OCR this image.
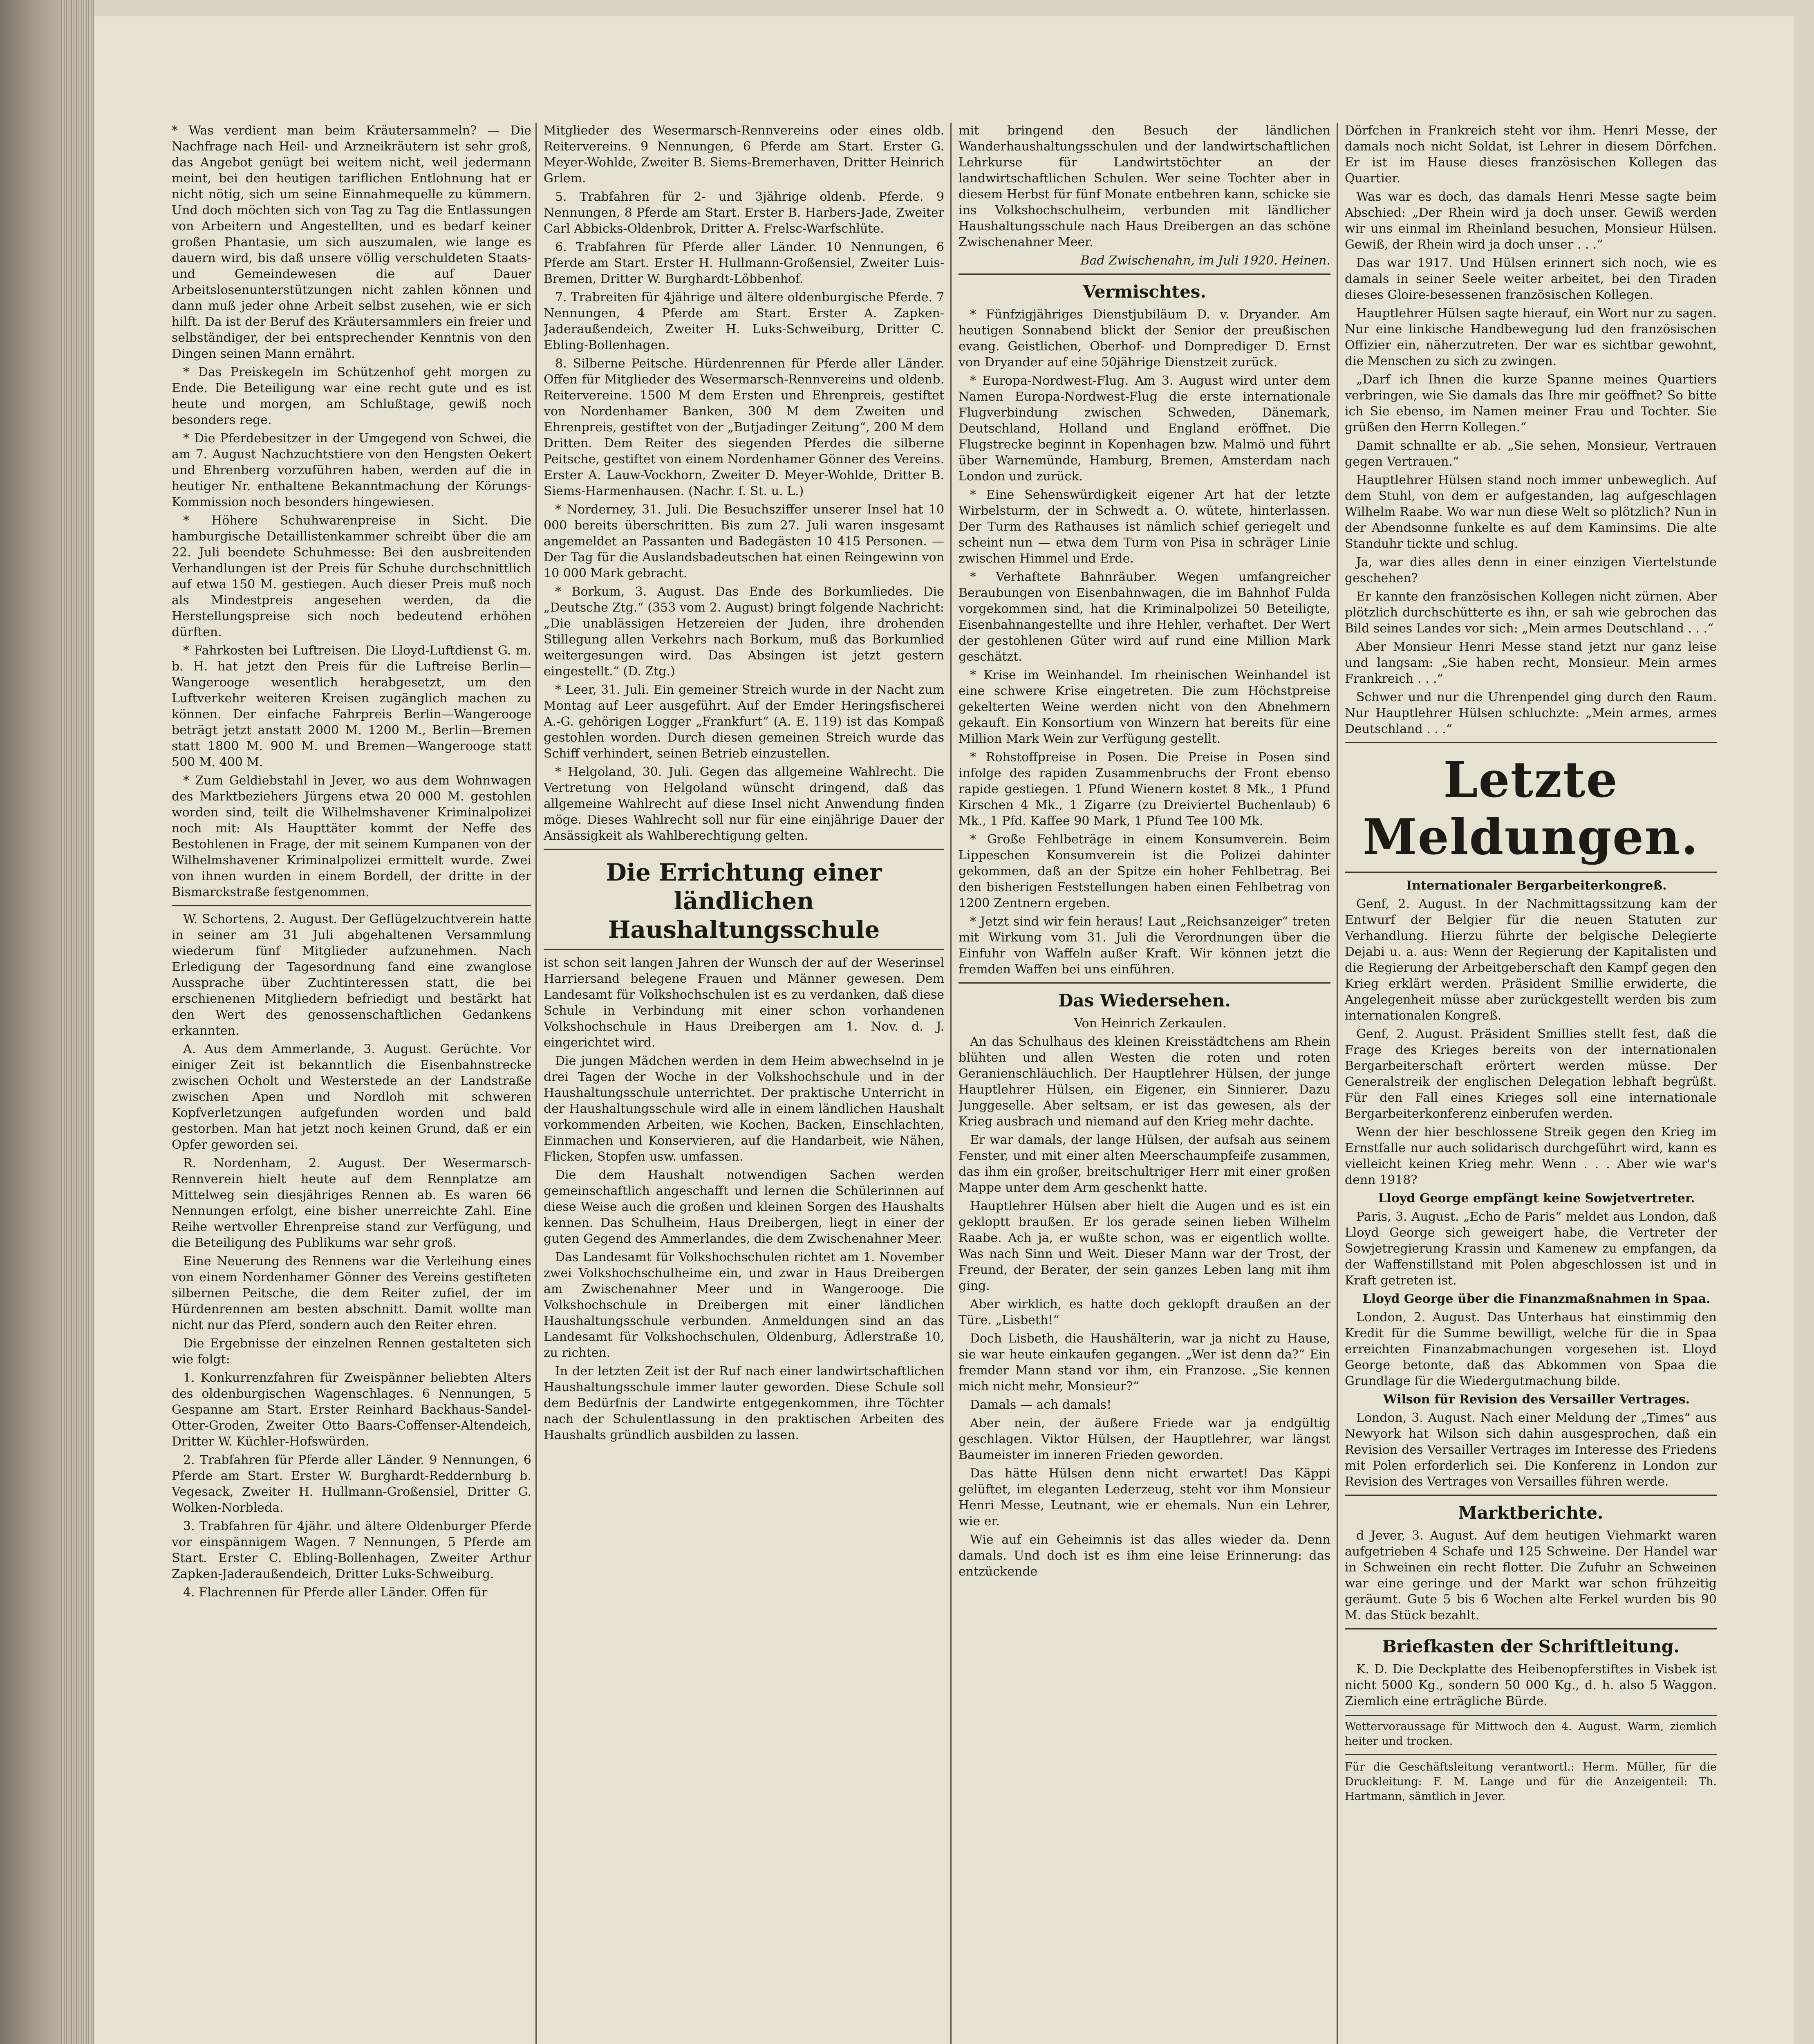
* Was verdient man beim Kräutersammeln? — Die Nachfrage nach Heil- und Arzneikräutern ist sehr groß, das Angebot genügt bei weitem nicht, weil jedermann meint, bei den heutigen tariflichen Entlohnung hat er nicht nötig, sich um seine Einnahmequelle zu kümmern. Und doch möchten sich von Tag zu Tag die Entlassungen von Arbeitern und Angestellten, und es bedarf keiner großen Phantasie, um sich auszumalen, wie lange es dauern wird, bis daß unsere völlig verschuldeten Staats- und Gemeindewesen die auf Dauer Arbeitslosenunterstützungen nicht zahlen können und dann muß jeder ohne Arbeit selbst zusehen, wie er sich hilft. Da ist der Beruf des Kräutersammlers ein freier und selbständiger, der bei entsprechender Kenntnis von den Dingen seinen Mann ernährt.

* Das Preiskegeln im Schützenhof geht morgen zu Ende. Die Beteiligung war eine recht gute und es ist heute und morgen, am Schlußtage, gewiß noch besonders rege.

* Die Pferdebesitzer in der Umgegend von Schwei, die am 7. August Nachzuchtstiere von den Hengsten Oekert und Ehrenberg vorzuführen haben, werden auf die in heutiger Nr. enthaltene Bekanntmachung der Körungs-Kommission noch besonders hingewiesen.

* Höhere Schuhwarenpreise in Sicht. Die hamburgische Detaillistenkammer schreibt über die am 22. Juli beendete Schuhmesse: Bei den ausbreitenden Verhandlungen ist der Preis für Schuhe durchschnittlich auf etwa 150 M. gestiegen. Auch dieser Preis muß noch als Mindestpreis angesehen werden, da die Herstellungspreise sich noch bedeutend erhöhen dürften.

* Fahrkosten bei Luftreisen. Die Lloyd-Luftdienst G. m. b. H. hat jetzt den Preis für die Luftreise Berlin—Wangerooge wesentlich herabgesetzt, um den Luftverkehr weiteren Kreisen zugänglich machen zu können. Der einfache Fahrpreis Berlin—Wangerooge beträgt jetzt anstatt 2000 M. 1200 M., Berlin—Bremen statt 1800 M. 900 M. und Bremen—Wangerooge statt 500 M. 400 M.

* Zum Geldiebstahl in Jever, wo aus dem Wohnwagen des Marktbeziehers Jürgens etwa 20 000 M. gestohlen worden sind, teilt die Wilhelmshavener Kriminalpolizei noch mit: Als Haupttäter kommt der Neffe des Bestohlenen in Frage, der mit seinem Kumpanen von der Wilhelmshavener Kriminalpolizei ermittelt wurde. Zwei von ihnen wurden in einem Bordell, der dritte in der Bismarckstraße festgenommen.

W. Schortens, 2. August. Der Geflügelzuchtverein hatte in seiner am 31 Juli abgehaltenen Versammlung wiederum fünf Mitglieder aufzunehmen. Nach Erledigung der Tagesordnung fand eine zwanglose Aussprache über Zuchtinteressen statt, die bei erschienenen Mitgliedern befriedigt und bestärkt hat den Wert des genossenschaftlichen Gedankens erkannten.

A. Aus dem Ammerlande, 3. August. Gerüchte. Vor einiger Zeit ist bekanntlich die Eisenbahnstrecke zwischen Ocholt und Westerstede an der Landstraße zwischen Apen und Nordloh mit schweren Kopfverletzungen aufgefunden worden und bald gestorben. Man hat jetzt noch keinen Grund, daß er ein Opfer geworden sei.

R. Nordenham, 2. August. Der Wesermarsch-Rennverein hielt heute auf dem Rennplatze am Mittelweg sein diesjähriges Rennen ab. Es waren 66 Nennungen erfolgt, eine bisher unerreichte Zahl. Eine Reihe wertvoller Ehrenpreise stand zur Verfügung, und die Beteiligung des Publikums war sehr groß.

Eine Neuerung des Rennens war die Verleihung eines von einem Nordenhamer Gönner des Vereins gestifteten silbernen Peitsche, die dem Reiter zufiel, der im Hürdenrennen am besten abschnitt. Damit wollte man nicht nur das Pferd, sondern auch den Reiter ehren.

Die Ergebnisse der einzelnen Rennen gestalteten sich wie folgt:

1. Konkurrenzfahren für Zweispänner beliebten Alters des oldenburgischen Wagenschlages. 6 Nennungen, 5 Gespanne am Start. Erster Reinhard Backhaus-Sandel-Otter-Groden, Zweiter Otto Baars-Coffenser-Altendeich, Dritter W. Küchler-Hofswürden.

2. Trabfahren für Pferde aller Länder. 9 Nennungen, 6 Pferde am Start. Erster W. Burghardt-Reddernburg b. Vegesack, Zweiter H. Hullmann-Großensiel, Dritter G. Wolken-Norbleda.

3. Trabfahren für 4jähr. und ältere Oldenburger Pferde vor einspännigem Wagen. 7 Nennungen, 5 Pferde am Start. Erster C. Ebling-Bollenhagen, Zweiter Arthur Zapken-Jaderaußendeich, Dritter Luks-Schweiburg.

4. Flachrennen für Pferde aller Länder. Offen für

Mitglieder des Wesermarsch-Rennvereins oder eines oldb. Reitervereins. 9 Nennungen, 6 Pferde am Start. Erster G. Meyer-Wohlde, Zweiter B. Siems-Bremerhaven, Dritter Heinrich Grlem.

5. Trabfahren für 2- und 3jährige oldenb. Pferde. 9 Nennungen, 8 Pferde am Start. Erster B. Harbers-Jade, Zweiter Carl Abbicks-Oldenbrok, Dritter A. Frelsc-Warfschlüte.

6. Trabfahren für Pferde aller Länder. 10 Nennungen, 6 Pferde am Start. Erster H. Hullmann-Großensiel, Zweiter Luis-Bremen, Dritter W. Burghardt-Löbbenhof.

7. Trabreiten für 4jährige und ältere oldenburgische Pferde. 7 Nennungen, 4 Pferde am Start. Erster A. Zapken-Jaderaußendeich, Zweiter H. Luks-Schweiburg, Dritter C. Ebling-Bollenhagen.

8. Silberne Peitsche. Hürdenrennen für Pferde aller Länder. Offen für Mitglieder des Wesermarsch-Rennvereins und oldenb. Reitervereine. 1500 M dem Ersten und Ehrenpreis, gestiftet von Nordenhamer Banken, 300 M dem Zweiten und Ehrenpreis, gestiftet von der „Butjadinger Zeitung“, 200 M dem Dritten. Dem Reiter des siegenden Pferdes die silberne Peitsche, gestiftet von einem Nordenhamer Gönner des Vereins. Erster A. Lauw-Vockhorn, Zweiter D. Meyer-Wohlde, Dritter B. Siems-Harmenhausen. (Nachr. f. St. u. L.)

* Norderney, 31. Juli. Die Besuchsziffer unserer Insel hat 10 000 bereits überschritten. Bis zum 27. Juli waren insgesamt angemeldet an Passanten und Badegästen 10 415 Personen. — Der Tag für die Auslandsbadeutschen hat einen Reingewinn von 10 000 Mark gebracht.

* Borkum, 3. August. Das Ende des Borkumliedes. Die „Deutsche Ztg.“ (353 vom 2. August) bringt folgende Nachricht: „Die unablässigen Hetzereien der Juden, ihre drohenden Stillegung allen Verkehrs nach Borkum, muß das Borkumlied weitergesungen wird. Das Absingen ist jetzt gestern eingestellt.“ (D. Ztg.)

* Leer, 31. Juli. Ein gemeiner Streich wurde in der Nacht zum Montag auf Leer ausgeführt. Auf der Emder Heringsfischerei A.-G. gehörigen Logger „Frankfurt“ (A. E. 119) ist das Kompaß gestohlen worden. Durch diesen gemeinen Streich wurde das Schiff verhindert, seinen Betrieb einzustellen.

* Helgoland, 30. Juli. Gegen das allgemeine Wahlrecht. Die Vertretung von Helgoland wünscht dringend, daß das allgemeine Wahlrecht auf diese Insel nicht Anwendung finden möge. Dieses Wahlrecht soll nur für eine einjährige Dauer der Ansässigkeit als Wahlberechtigung gelten.

Die Errichtung einer ländlichen Haushaltungsschule

ist schon seit langen Jahren der Wunsch der auf der Weserinsel Harriersand belegene Frauen und Männer gewesen. Dem Landesamt für Volkshochschulen ist es zu verdanken, daß diese Schule in Verbindung mit einer schon vorhandenen Volkshochschule in Haus Dreibergen am 1. Nov. d. J. eingerichtet wird.

Die jungen Mädchen werden in dem Heim abwechselnd in je drei Tagen der Woche in der Volkshochschule und in der Haushaltungsschule unterrichtet. Der praktische Unterricht in der Haushaltungsschule wird alle in einem ländlichen Haushalt vorkommenden Arbeiten, wie Kochen, Backen, Einschlachten, Einmachen und Konservieren, auf die Handarbeit, wie Nähen, Flicken, Stopfen usw. umfassen.

Die dem Haushalt notwendigen Sachen werden gemeinschaftlich angeschafft und lernen die Schülerinnen auf diese Weise auch die großen und kleinen Sorgen des Haushalts kennen. Das Schulheim, Haus Dreibergen, liegt in einer der guten Gegend des Ammerlandes, die dem Zwischenahner Meer.

Das Landesamt für Volkshochschulen richtet am 1. November zwei Volkshochschulheime ein, und zwar in Haus Dreibergen am Zwischenahner Meer und in Wangerooge. Die Volkshochschule in Dreibergen mit einer ländlichen Haushaltungsschule verbunden. Anmeldungen sind an das Landesamt für Volkshochschulen, Oldenburg, Ädlerstraße 10, zu richten.

In der letzten Zeit ist der Ruf nach einer landwirtschaftlichen Haushaltungsschule immer lauter geworden. Diese Schule soll dem Bedürfnis der Landwirte entgegenkommen, ihre Töchter nach der Schulentlassung in den praktischen Arbeiten des Haushalts gründlich ausbilden zu lassen.

mit bringend den Besuch der ländlichen Wanderhaushaltungsschulen und der landwirtschaftlichen Lehrkurse für Landwirtstöchter an der landwirtschaftlichen Schulen. Wer seine Tochter aber in diesem Herbst für fünf Monate entbehren kann, schicke sie ins Volkshochschulheim, verbunden mit ländlicher Haushaltungsschule nach Haus Dreibergen an das schöne Zwischenahner Meer.

Bad Zwischenahn, im Juli 1920. Heinen.

Vermischtes.

* Fünfzigjähriges Dienstjubiläum D. v. Dryander. Am heutigen Sonnabend blickt der Senior der preußischen evang. Geistlichen, Oberhof- und Domprediger D. Ernst von Dryander auf eine 50jährige Dienstzeit zurück.

* Europa-Nordwest-Flug. Am 3. August wird unter dem Namen Europa-Nordwest-Flug die erste internationale Flugverbindung zwischen Schweden, Dänemark, Deutschland, Holland und England eröffnet. Die Flugstrecke beginnt in Kopenhagen bzw. Malmö und führt über Warnemünde, Hamburg, Bremen, Amsterdam nach London und zurück.

* Eine Sehenswürdigkeit eigener Art hat der letzte Wirbelsturm, der in Schwedt a. O. wütete, hinterlassen. Der Turm des Rathauses ist nämlich schief geriegelt und scheint nun — etwa dem Turm von Pisa in schräger Linie zwischen Himmel und Erde.

* Verhaftete Bahnräuber. Wegen umfangreicher Beraubungen von Eisenbahnwagen, die im Bahnhof Fulda vorgekommen sind, hat die Kriminalpolizei 50 Beteiligte, Eisenbahnangestellte und ihre Hehler, verhaftet. Der Wert der gestohlenen Güter wird auf rund eine Million Mark geschätzt.

* Krise im Weinhandel. Im rheinischen Weinhandel ist eine schwere Krise eingetreten. Die zum Höchstpreise gekelterten Weine werden nicht von den Abnehmern gekauft. Ein Konsortium von Winzern hat bereits für eine Million Mark Wein zur Verfügung gestellt.

* Rohstoffpreise in Posen. Die Preise in Posen sind infolge des rapiden Zusammenbruchs der Front ebenso rapide gestiegen. 1 Pfund Wienern kostet 8 Mk., 1 Pfund Kirschen 4 Mk., 1 Zigarre (zu Dreiviertel Buchenlaub) 6 Mk., 1 Pfd. Kaffee 90 Mark, 1 Pfund Tee 100 Mk.

* Große Fehlbeträge in einem Konsumverein. Beim Lippeschen Konsumverein ist die Polizei dahinter gekommen, daß an der Spitze ein hoher Fehlbetrag. Bei den bisherigen Feststellungen haben einen Fehlbetrag von 1200 Zentnern ergeben.

* Jetzt sind wir fein heraus! Laut „Reichsanzeiger“ treten mit Wirkung vom 31. Juli die Verordnungen über die Einfuhr von Waffeln außer Kraft. Wir können jetzt die fremden Waffen bei uns einführen.

Das Wiedersehen.

Von Heinrich Zerkaulen.

An das Schulhaus des kleinen Kreisstädtchens am Rhein blühten und allen Westen die roten und roten Geranienschläuchlich. Der Hauptlehrer Hülsen, der junge Hauptlehrer Hülsen, ein Eigener, ein Sinnierer. Dazu Junggeselle. Aber seltsam, er ist das gewesen, als der Krieg ausbrach und niemand auf den Krieg mehr dachte.

Er war damals, der lange Hülsen, der aufsah aus seinem Fenster, und mit einer alten Meerschaumpfeife zusammen, das ihm ein großer, breitschultriger Herr mit einer großen Mappe unter dem Arm geschenkt hatte.

Hauptlehrer Hülsen aber hielt die Augen und es ist ein gekloptt braußen. Er los gerade seinen lieben Wilhelm Raabe. Ach ja, er wußte schon, was er eigentlich wollte. Was nach Sinn und Weit. Dieser Mann war der Trost, der Freund, der Berater, der sein ganzes Leben lang mit ihm ging.

Aber wirklich, es hatte doch geklopft draußen an der Türe. „Lisbeth!“

Doch Lisbeth, die Haushälterin, war ja nicht zu Hause, sie war heute einkaufen gegangen. „Wer ist denn da?“ Ein fremder Mann stand vor ihm, ein Franzose. „Sie kennen mich nicht mehr, Monsieur?“

Damals — ach damals!

Aber nein, der äußere Friede war ja endgültig geschlagen. Viktor Hülsen, der Hauptlehrer, war längst Baumeister im inneren Frieden geworden.

Das hätte Hülsen denn nicht erwartet! Das Käppi gelüftet, im eleganten Lederzeug, steht vor ihm Monsieur Henri Messe, Leutnant, wie er ehemals. Nun ein Lehrer, wie er.

Wie auf ein Geheimnis ist das alles wieder da. Denn damals. Und doch ist es ihm eine leise Erinnerung: das entzückende

Dörfchen in Frankreich steht vor ihm. Henri Messe, der damals noch nicht Soldat, ist Lehrer in diesem Dörfchen. Er ist im Hause dieses französischen Kollegen das Quartier.

Was war es doch, das damals Henri Messe sagte beim Abschied: „Der Rhein wird ja doch unser. Gewiß werden wir uns einmal im Rheinland besuchen, Monsieur Hülsen. Gewiß, der Rhein wird ja doch unser . . .“

Das war 1917. Und Hülsen erinnert sich noch, wie es damals in seiner Seele weiter arbeitet, bei den Tiraden dieses Gloire-besessenen französischen Kollegen.

Hauptlehrer Hülsen sagte hierauf, ein Wort nur zu sagen. Nur eine linkische Handbewegung lud den französischen Offizier ein, näherzutreten. Der war es sichtbar gewohnt, die Menschen zu sich zu zwingen.

„Darf ich Ihnen die kurze Spanne meines Quartiers verbringen, wie Sie damals das Ihre mir geöffnet? So bitte ich Sie ebenso, im Namen meiner Frau und Tochter. Sie grüßen den Herrn Kollegen.“

Damit schnallte er ab. „Sie sehen, Monsieur, Vertrauen gegen Vertrauen.“

Hauptlehrer Hülsen stand noch immer unbeweglich. Auf dem Stuhl, von dem er aufgestanden, lag aufgeschlagen Wilhelm Raabe. Wo war nun diese Welt so plötzlich? Nun in der Abendsonne funkelte es auf dem Kaminsims. Die alte Standuhr tickte und schlug.

Ja, war dies alles denn in einer einzigen Viertelstunde geschehen?

Er kannte den französischen Kollegen nicht zürnen. Aber plötzlich durchschütterte es ihn, er sah wie gebrochen das Bild seines Landes vor sich: „Mein armes Deutschland . . .“

Aber Monsieur Henri Messe stand jetzt nur ganz leise und langsam: „Sie haben recht, Monsieur. Mein armes Frankreich . . .“

Schwer und nur die Uhrenpendel ging durch den Raum. Nur Hauptlehrer Hülsen schluchzte: „Mein armes, armes Deutschland . . .“

Letzte Meldungen.

Internationaler Bergarbeiterkongreß.

Genf, 2. August. In der Nachmittagssitzung kam der Entwurf der Belgier für die neuen Statuten zur Verhandlung. Hierzu führte der belgische Delegierte Dejabi u. a. aus: Wenn der Regierung der Kapitalisten und die Regierung der Arbeitgeberschaft den Kampf gegen den Krieg erklärt werden. Präsident Smillie erwiderte, die Angelegenheit müsse aber zurückgestellt werden bis zum internationalen Kongreß.

Genf, 2. August. Präsident Smillies stellt fest, daß die Frage des Krieges bereits von der internationalen Bergarbeiterschaft erörtert werden müsse. Der Generalstreik der englischen Delegation lebhaft begrüßt. Für den Fall eines Krieges soll eine internationale Bergarbeiterkonferenz einberufen werden.

Wenn der hier beschlossene Streik gegen den Krieg im Ernstfalle nur auch solidarisch durchgeführt wird, kann es vielleicht keinen Krieg mehr. Wenn . . . Aber wie war's denn 1918?

Lloyd George empfängt keine Sowjetvertreter.

Paris, 3. August. „Echo de Paris“ meldet aus London, daß Lloyd George sich geweigert habe, die Vertreter der Sowjetregierung Krassin und Kamenew zu empfangen, da der Waffenstillstand mit Polen abgeschlossen ist und in Kraft getreten ist.

Lloyd George über die Finanzmaßnahmen in Spaa.

London, 2. August. Das Unterhaus hat einstimmig den Kredit für die Summe bewilligt, welche für die in Spaa erreichten Finanzabmachungen vorgesehen ist. Lloyd George betonte, daß das Abkommen von Spaa die Grundlage für die Wiedergutmachung bilde.

Wilson für Revision des Versailler Vertrages.

London, 3. August. Nach einer Meldung der „Times“ aus Newyork hat Wilson sich dahin ausgesprochen, daß ein Revision des Versailler Vertrages im Interesse des Friedens mit Polen erforderlich sei. Die Konferenz in London zur Revision des Vertrages von Versailles führen werde.

Marktberichte.

d Jever, 3. August. Auf dem heutigen Viehmarkt waren aufgetrieben 4 Schafe und 125 Schweine. Der Handel war in Schweinen ein recht flotter. Die Zufuhr an Schweinen war eine geringe und der Markt war schon frühzeitig geräumt. Gute 5 bis 6 Wochen alte Ferkel wurden bis 90 M. das Stück bezahlt.

Briefkasten der Schriftleitung.

K. D. Die Deckplatte des Heibenopferstiftes in Visbek ist nicht 5000 Kg., sondern 50 000 Kg., d. h. also 5 Waggon. Ziemlich eine erträgliche Bürde.

Wettervoraussage für Mittwoch den 4. August. Warm, ziemlich heiter und trocken.

Für die Geschäftsleitung verantwortl.: Herm. Müller, für die Druckleitung: F. M. Lange und für die Anzeigenteil: Th. Hartmann, sämtlich in Jever.
